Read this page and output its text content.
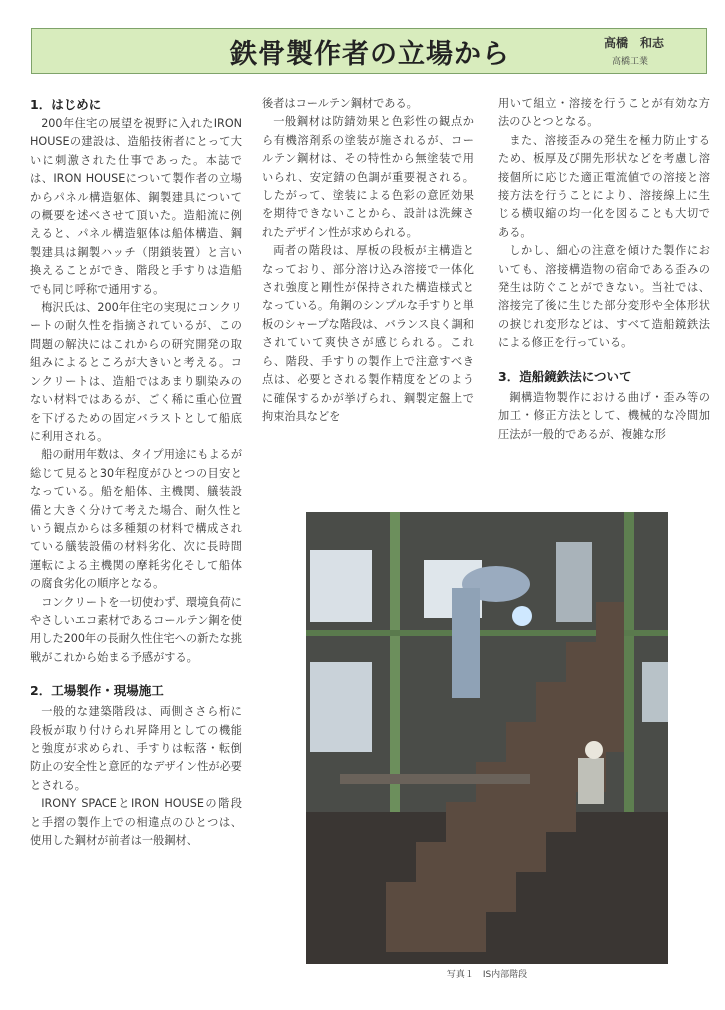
鉄骨製作者の立場から	高橋　和志
高橋工業
1．はじめに

200年住宅の展望を視野に入れたIRON HOUSEの建設は、造船技術者にとって大いに刺激された仕事であった。本誌では、IRON HOUSEについて製作者の立場からパネル構造躯体、鋼製建具についての概要を述べさせて頂いた。造船流に例えると、パネル構造躯体は船体構造、鋼製建具は鋼製ハッチ（閉鎖装置）と言い換えることができ、階段と手すりは造船でも同じ呼称で通用する。

梅沢氏は、200年住宅の実現にコンクリートの耐久性を指摘されているが、この問題の解決にはこれからの研究開発の取組みによるところが大きいと考える。コンクリートは、造船ではあまり馴染みのない材料ではあるが、ごく稀に重心位置を下げるための固定バラストとして船底に利用される。

船の耐用年数は、タイプ用途にもよるが総じて見ると30年程度がひとつの目安となっている。船を船体、主機関、艤装設備と大きく分けて考えた場合、耐久性という観点からは多種類の材料で構成されている艤装設備の材料劣化、次に長時間運転による主機関の摩耗劣化そして船体の腐食劣化の順序となる。

コンクリートを一切使わず、環境負荷にやさしいエコ素材であるコールテン鋼を使用した200年の長耐久性住宅への新たな挑戦がこれから始まる予感がする。

2．工場製作・現場施工

一般的な建築階段は、両側ささら桁に段板が取り付けられ昇降用としての機能と強度が求められ、手すりは転落・転倒防止の安全性と意匠的なデザイン性が必要とされる。

IRONY SPACEとIRON HOUSEの階段と手摺の製作上での相違点のひとつは、使用した鋼材が前者は一般鋼材、

後者はコールテン鋼材である。

一般鋼材は防錆効果と色彩性の観点から有機溶剤系の塗装が施されるが、コールテン鋼材は、その特性から無塗装で用いられ、安定錆の色調が重要視される。したがって、塗装による色彩の意匠効果を期待できないことから、設計は洗練されたデザイン性が求められる。

両者の階段は、厚板の段板が主構造となっており、部分溶け込み溶接で一体化され強度と剛性が保持された構造様式となっている。角鋼のシンプルな手すりと単板のシャープな階段は、バランス良く調和されていて爽快さが感じられる。これら、階段、手すりの製作上で注意すべき点は、必要とされる製作精度をどのように確保するかが挙げられ、鋼製定盤上で拘束治具などを

用いて組立・溶接を行うことが有効な方法のひとつとなる。

また、溶接歪みの発生を極力防止するため、板厚及び開先形状などを考慮し溶接個所に応じた適正電流値での溶接と溶接方法を行うことにより、溶接線上に生じる横収縮の均一化を図ることも大切である。

しかし、細心の注意を傾けた製作においても、溶接構造物の宿命である歪みの発生は防ぐことができない。当社では、溶接完了後に生じた部分変形や全体形状の捩じれ変形などは、すべて造船鏡鉄法による修正を行っている。

3．造船鏡鉄法について

鋼構造物製作における曲げ・歪み等の加工・修正方法として、機械的な冷間加圧法が一般的であるが、複雑な形

写真１　IS内部階段
